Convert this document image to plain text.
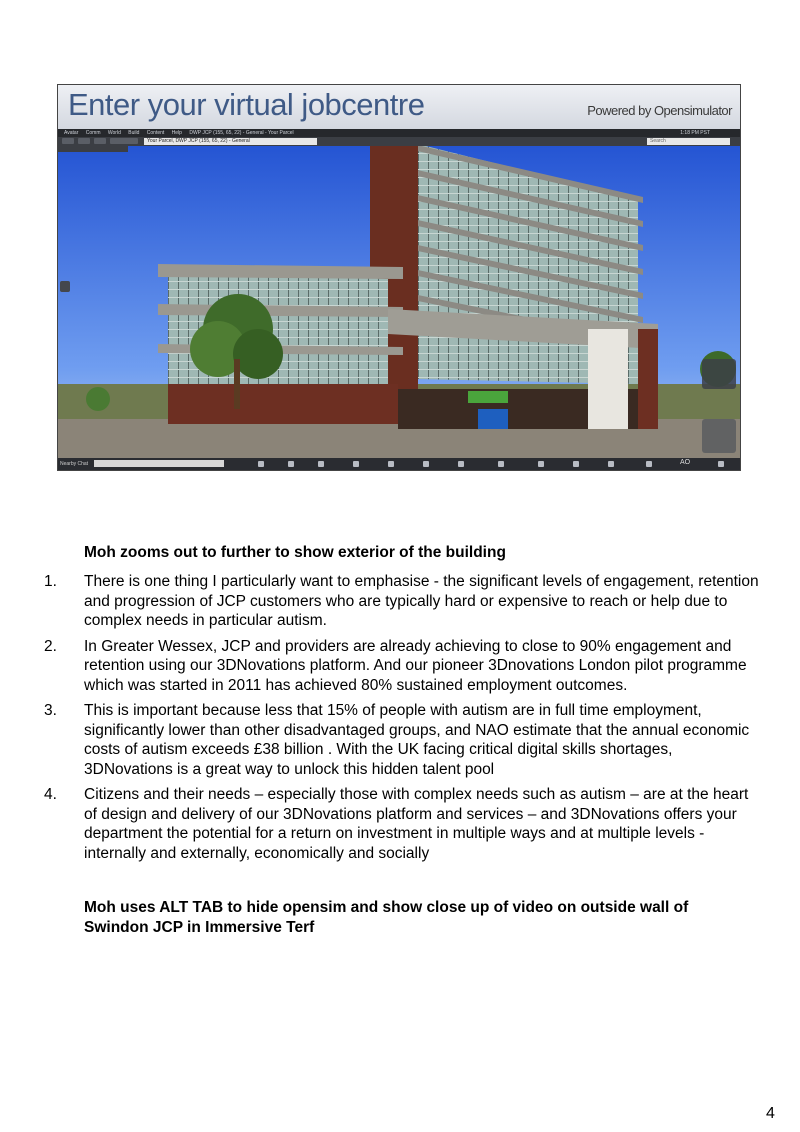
Enter your virtual jobcentre	Powered by Opensimulator
Avatar Comm World Build Content Help DWP JCP (155, 65, 22) - General - Your Parcel	1:18 PM PST
Your Parcel, DWP JCP (155, 65, 22) - General	Search
Nearby Chat	AO
Moh zooms out to further to show exterior of the building
1. There is one thing I particularly want to emphasise - the significant levels of engagement, retention and progression of JCP customers who are typically hard or expensive to reach or help due to complex needs in particular autism.
2. In Greater Wessex, JCP and providers are already achieving to close to 90% engagement and retention using our 3DNovations platform. And our pioneer 3Dnovations London pilot programme which was started in 2011 has achieved 80% sustained employment outcomes.
3. This is important because less that 15% of people with autism are in full time employment, significantly lower than other disadvantaged groups, and NAO estimate that the annual economic costs of autism exceeds £38 billion . With the UK facing critical digital skills shortages, 3DNovations is a great way to unlock this hidden talent pool
4. Citizens and their needs – especially those with complex needs such as autism – are at the heart of design and delivery of our 3DNovations platform and services – and 3DNovations offers your department the potential for a return on investment in multiple ways and at multiple levels - internally and externally, economically and socially
Moh uses ALT TAB to hide opensim and show close up of video on outside wall of Swindon JCP in Immersive Terf
4
